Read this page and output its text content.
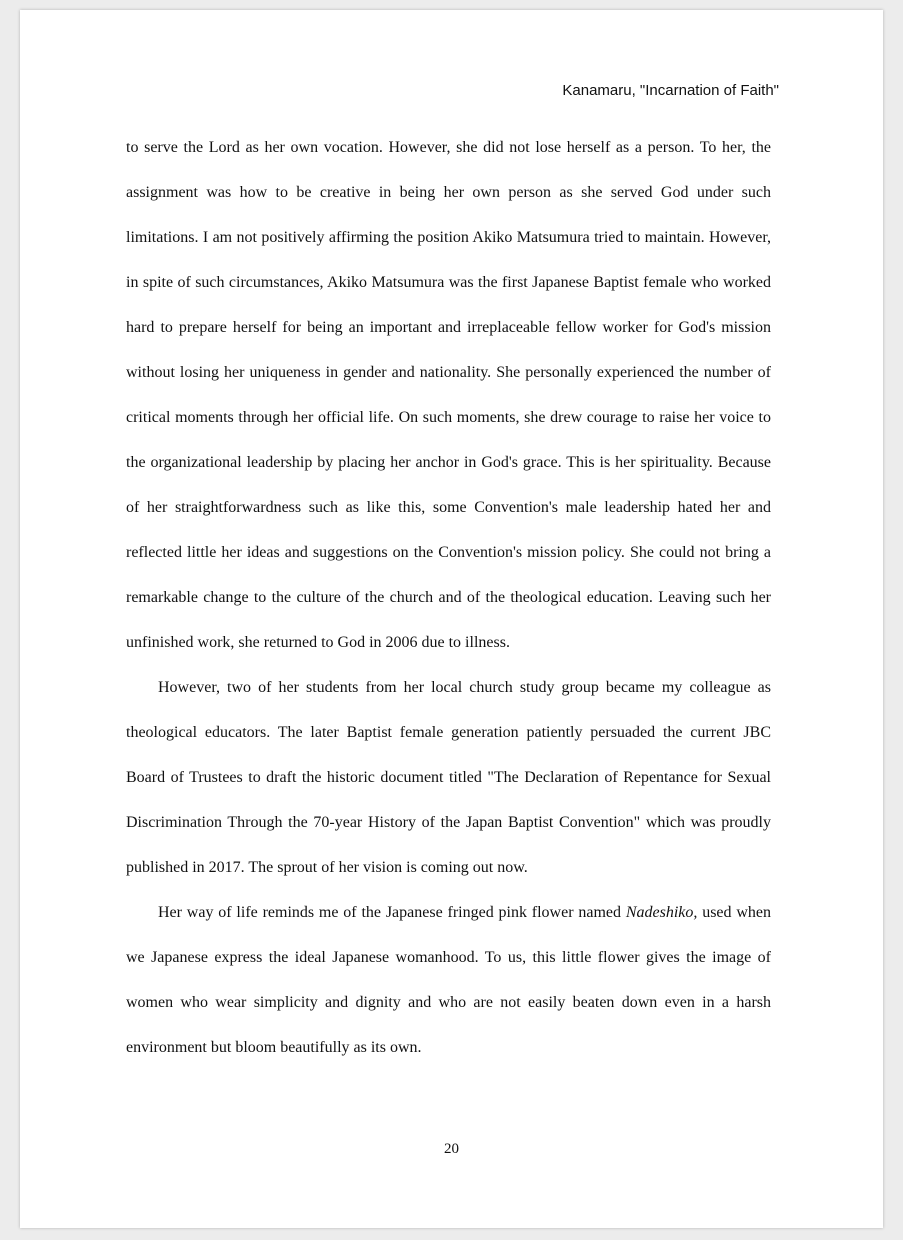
Kanamaru, "Incarnation of Faith"

to serve the Lord as her own vocation. However, she did not lose herself as a person. To her, the assignment was how to be creative in being her own person as she served God under such limitations. I am not positively affirming the position Akiko Matsumura tried to maintain. However, in spite of such circumstances, Akiko Matsumura was the first Japanese Baptist female who worked hard to prepare herself for being an important and irreplaceable fellow worker for God's mission without losing her uniqueness in gender and nationality. She personally experienced the number of critical moments through her official life. On such moments, she drew courage to raise her voice to the organizational leadership by placing her anchor in God's grace. This is her spirituality. Because of her straightforwardness such as like this, some Convention's male leadership hated her and reflected little her ideas and suggestions on the Convention's mission policy. She could not bring a remarkable change to the culture of the church and of the theological education. Leaving such her unfinished work, she returned to God in 2006 due to illness.

However, two of her students from her local church study group became my colleague as theological educators. The later Baptist female generation patiently persuaded the current JBC Board of Trustees to draft the historic document titled "The Declaration of Repentance for Sexual Discrimination Through the 70-year History of the Japan Baptist Convention" which was proudly published in 2017. The sprout of her vision is coming out now.

Her way of life reminds me of the Japanese fringed pink flower named Nadeshiko, used when we Japanese express the ideal Japanese womanhood. To us, this little flower gives the image of women who wear simplicity and dignity and who are not easily beaten down even in a harsh environment but bloom beautifully as its own.

20
